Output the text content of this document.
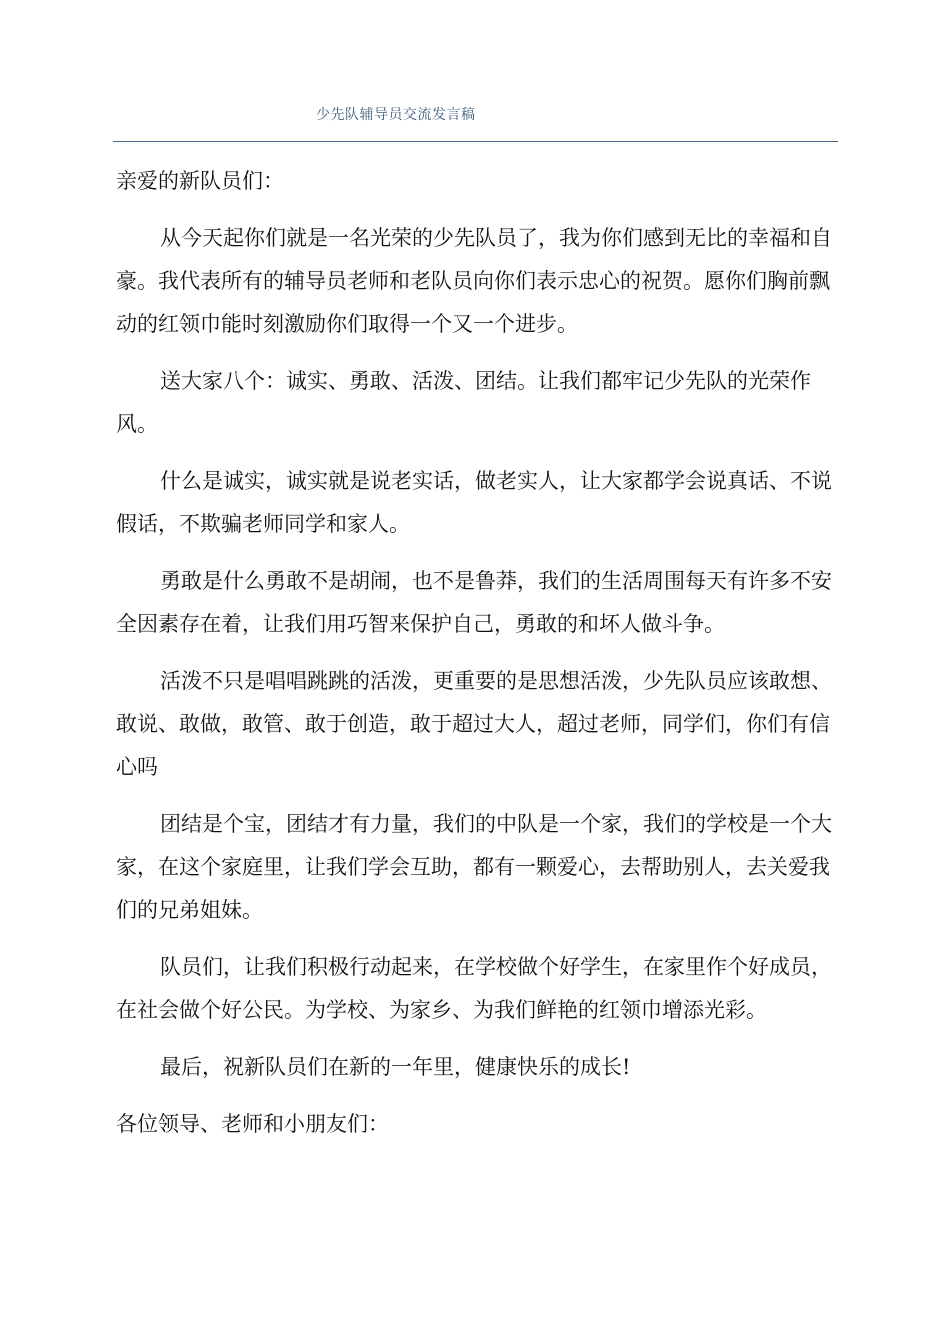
少先队辅导员交流发言稿

亲爱的新队员们：

从今天起你们就是一名光荣的少先队员了，我为你们感到无比的幸福和自豪。我代表所有的辅导员老师和老队员向你们表示忠心的祝贺。愿你们胸前飘动的红领巾能时刻激励你们取得一个又一个进步。

送大家八个：诚实、勇敢、活泼、团结。让我们都牢记少先队的光荣作风。

什么是诚实，诚实就是说老实话，做老实人，让大家都学会说真话、不说假话，不欺骗老师同学和家人。

勇敢是什么勇敢不是胡闹，也不是鲁莽，我们的生活周围每天有许多不安全因素存在着，让我们用巧智来保护自己，勇敢的和坏人做斗争。

活泼不只是唱唱跳跳的活泼，更重要的是思想活泼，少先队员应该敢想、敢说、敢做，敢管、敢于创造，敢于超过大人，超过老师，同学们，你们有信心吗

团结是个宝，团结才有力量，我们的中队是一个家，我们的学校是一个大家，在这个家庭里，让我们学会互助，都有一颗爱心，去帮助别人，去关爱我们的兄弟姐妹。

队员们，让我们积极行动起来，在学校做个好学生，在家里作个好成员，在社会做个好公民。为学校、为家乡、为我们鲜艳的红领巾增添光彩。

最后，祝新队员们在新的一年里，健康快乐的成长!

各位领导、老师和小朋友们：
